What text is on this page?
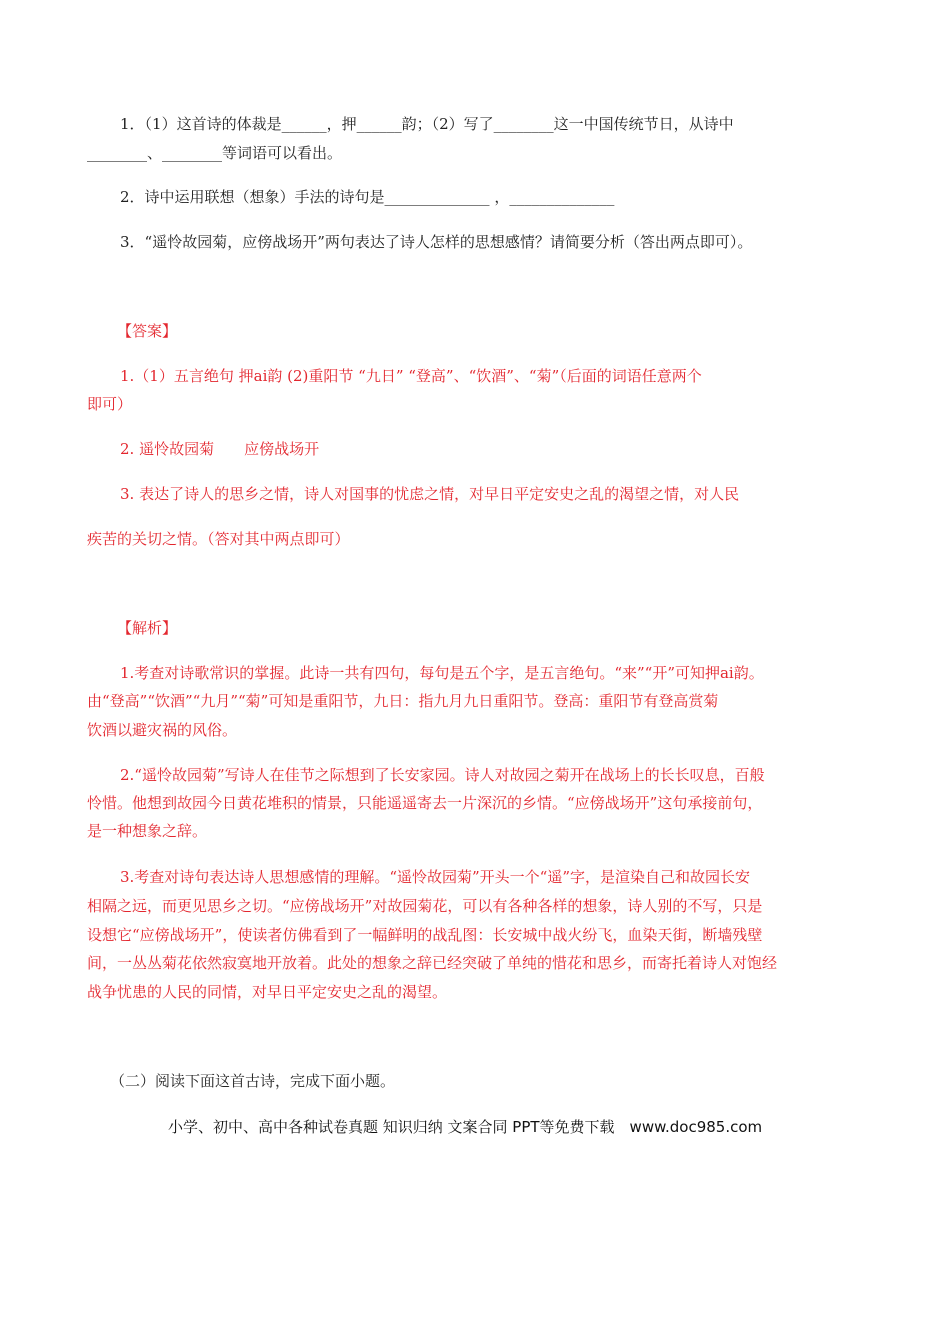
1．（1）这首诗的体裁是______，押______韵；（2）写了________这一中国传统节日，从诗中
________、________等词语可以看出。
2．诗中运用联想（想象）手法的诗句是______________ ，______________
3．“遥怜故园菊，应傍战场开”两句表达了诗人怎样的思想感情？请简要分析（答出两点即可）。
【答案】
1.（1）五言绝句 押ai韵 (2)重阳节 “九日” “登高”、“饮酒”、“菊”（后面的词语任意两个
即可）
2. 遥怜故园菊　　应傍战场开
3. 表达了诗人的思乡之情，诗人对国事的忧虑之情，对早日平定安史之乱的渴望之情，对人民
疾苦的关切之情。（答对其中两点即可）
【解析】
1.考查对诗歌常识的掌握。此诗一共有四句，每句是五个字，是五言绝句。“来”“开”可知押ai韵。
由“登高”“饮酒”“九月”“菊”可知是重阳节，九日：指九月九日重阳节。登高：重阳节有登高赏菊
饮酒以避灾祸的风俗。
2.“遥怜故园菊”写诗人在佳节之际想到了长安家园。诗人对故园之菊开在战场上的长长叹息，百般
怜惜。他想到故园今日黄花堆积的情景，只能遥遥寄去一片深沉的乡情。“应傍战场开”这句承接前句，
是一种想象之辞。
3.考查对诗句表达诗人思想感情的理解。“遥怜故园菊”开头一个“遥”字，是渲染自己和故园长安
相隔之远，而更见思乡之切。“应傍战场开”对故园菊花，可以有各种各样的想象，诗人别的不写，只是
设想它“应傍战场开”，使读者仿佛看到了一幅鲜明的战乱图：长安城中战火纷飞，血染天街，断墙残壁
间，一丛丛菊花依然寂寞地开放着。此处的想象之辞已经突破了单纯的惜花和思乡，而寄托着诗人对饱经
战争忧患的人民的同情，对早日平定安史之乱的渴望。
（二）阅读下面这首古诗，完成下面小题。
小学、初中、高中各种试卷真题 知识归纳 文案合同 PPT等免费下载　www.doc985.com
